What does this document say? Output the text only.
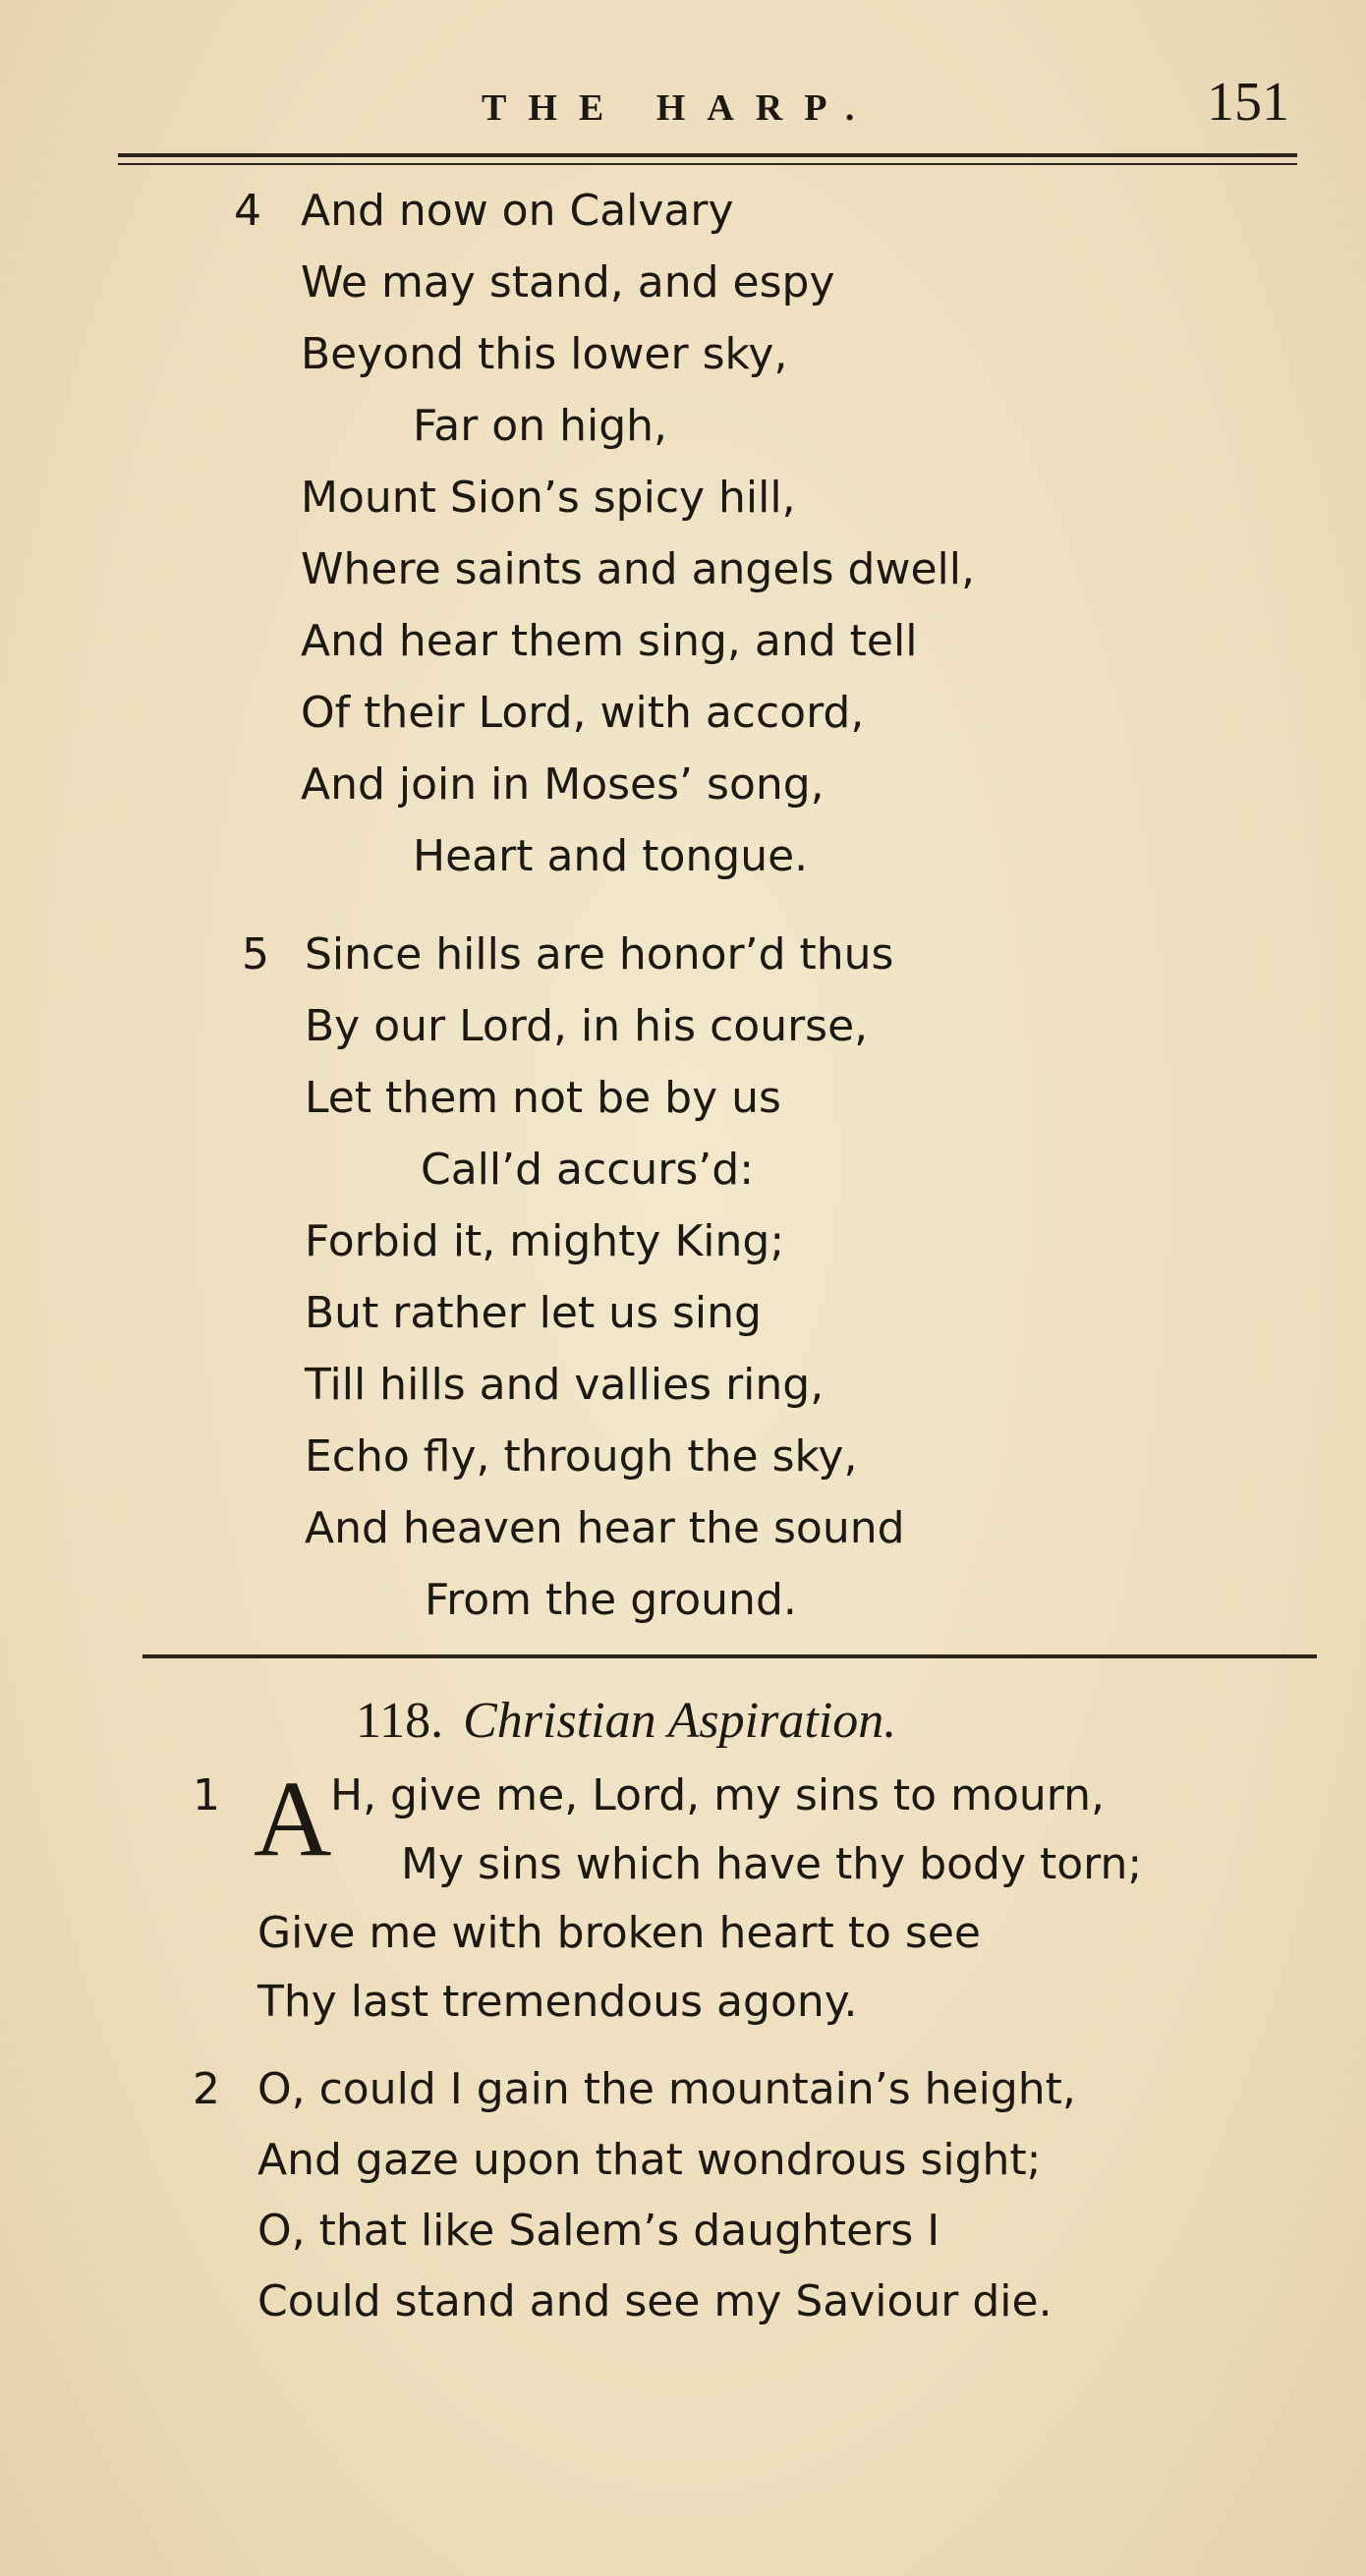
THE HARP.	151
4 And now on Calvary
We may stand, and espy
Beyond this lower sky,
Far on high,
Mount Sion’s spicy hill,
Where saints and angels dwell,
And hear them sing, and tell
Of their Lord, with accord,
And join in Moses’ song,
Heart and tongue.
5 Since hills are honor’d thus
By our Lord, in his course,
Let them not be by us
Call’d accurs’d:
Forbid it, mighty King;
But rather let us sing
Till hills and vallies ring,
Echo fly, through the sky,
And heaven hear the sound
From the ground.
118. Christian Aspiration.
1 A
H, give me, Lord, my sins to mourn,
My sins which have thy body torn;
Give me with broken heart to see
Thy last tremendous agony.
2 O, could I gain the mountain’s height,
And gaze upon that wondrous sight;
O, that like Salem’s daughters I
Could stand and see my Saviour die.
